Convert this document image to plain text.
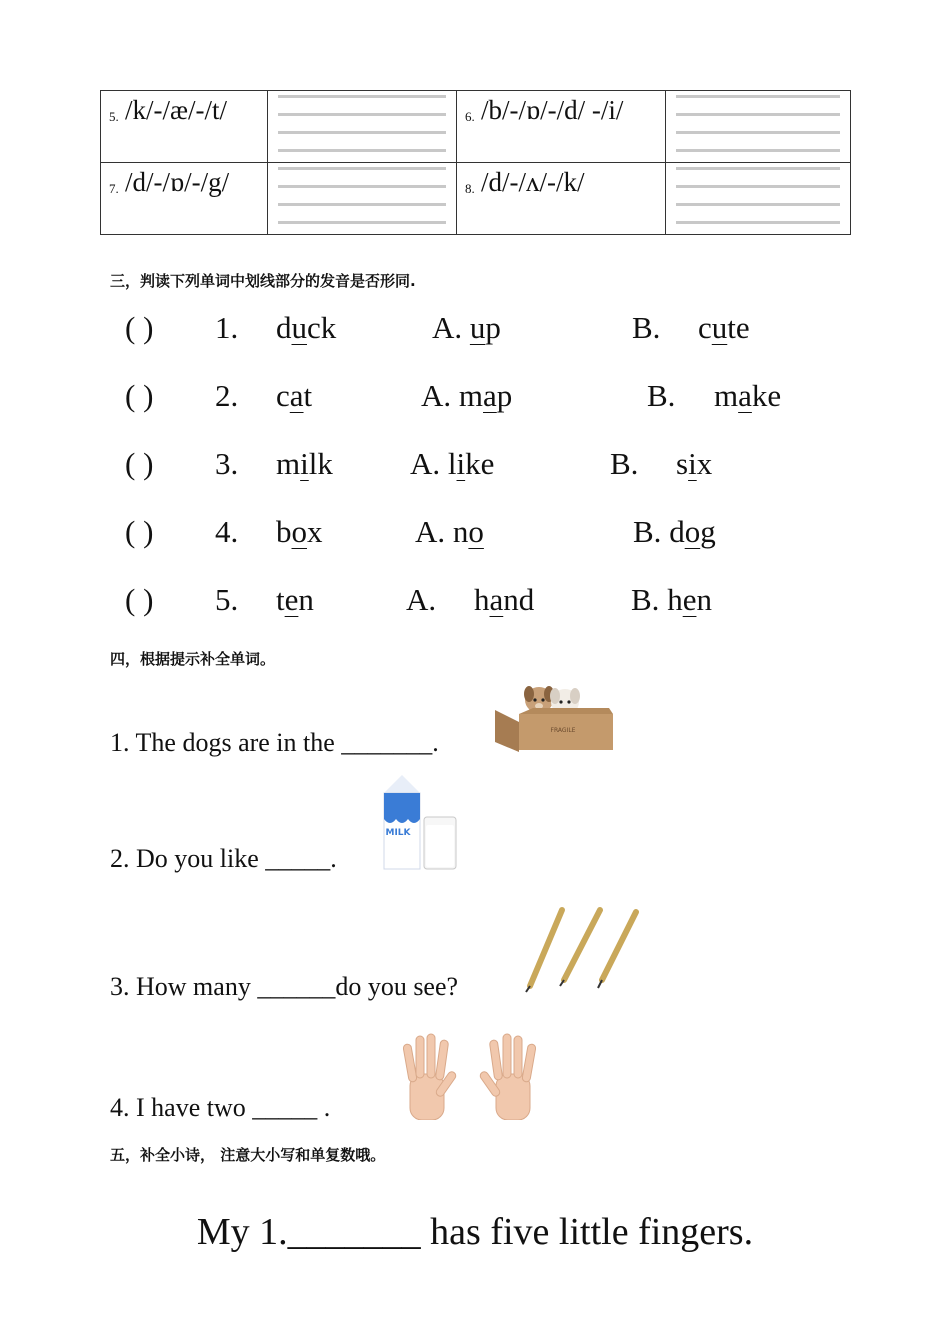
5. /k/-/æ/-/t/		6. /b/-/ɒ/-/d/ -/i/	

7. /d/-/ɒ/-/g/		8. /d/-/ʌ/-/k/	

三，判读下列单词中划线部分的发音是否形同.
( ) 1. duck	A. up	B. cute
( ) 2. cat	A. map	B. make
( ) 3. milk A. like	B. six
( ) 4. box	A. no	B. dog
( ) 5. ten	A. hand	B. hen
四，根据提示补全单词。
1. The dogs are in the _______.	FRAGILE
2. Do you like _____.
MILK
3. How many ______do you see?
4. I have two _____ .
五，补全小诗， 注意大小写和单复数哦。
My 1._______ has five little fingers.
